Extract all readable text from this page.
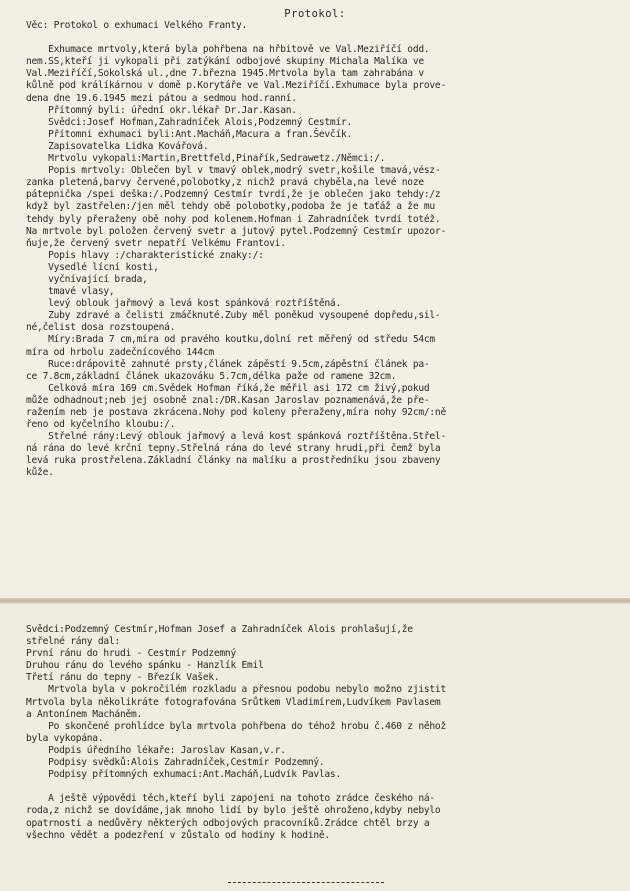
Protokol:
Věc: Protokol o exhumaci Velkého Franty.

Exhumace mrtvoly,která byla pohřbena na hřbitově ve Val.Meziříčí odd.
nem.SS,kteří ji vykopali při zatýkání odbojové skupiny Michala Malíka ve
Val.Meziříčí,Sokolská ul.,dne 7.března 1945.Mrtvola byla tam zahrabána v
kůlně pod králíkárnou v domě p.Korytáře ve Val.Meziříčí.Exhumace byla prove-
dena dne 19.6.1945 mezi pátou a sedmou hod.ranní.
Přítomný byli: úřední okr.lékař Dr.Jar.Kasan.
Svědci:Josef Hofman,Zahradníček Alois,Podzemný Cestmír.
Přítomni exhumaci byli:Ant.Macháň,Macura a fran.Ševčík.
Zapisovatelka Lidka Kovářová.
Mrtvolu vykopali:Martin,Brettfeld,Pinařík,Sedrawetz./Němci:/.
Popis mrtvoly: Oblečen byl v tmavý oblek,modrý svetr,košile tmavá,vész-
zanka pletená,barvy červené,polobotky,z nichž pravá chyběla,na levé noze
pátepnička /spei deška:/.Podzemný Cestmír tvrdí,že je oblečen jako tehdy:/z
když byl zastřelen:/jen měl tehdy obě polobotky,podoba že je taťáž a že mu
tehdy byly přeraženy obě nohy pod kolenem.Hofman i Zahradníček tvrdí totéž.
Na mrtvole byl položen červený svetr a jutový pytel.Podzemný Cestmír upozor-
ňuje,že červený svetr nepatří Velkému Frantovi.
Popis hlavy :/charakteristické znaky:/:
Vysedlé lícní kosti,
vyčnívající brada,
tmavé vlasy,
levý oblouk jařmový a levá kost spánková roztříštěná.
Zuby zdravé a čelisti zmáčknuté.Zuby měl poněkud vysoupené dopředu,sil-
né,čelist dosa rozstoupená.
Míry:Brada 7 cm,míra od pravého koutku,dolní ret měřený od středu 54cm
míra od hrbolu zadečnícového 144cm
Ruce:drápovitě zahnuté prsty,článek zápěstí 9.5cm,zápěstní článek pa-
ce 7.8cm,základní článek ukazováku 5.7cm,délka paže od ramene 32cm.
Celková míra 169 cm.Svědek Hofman říká,že měřil asi 172 cm živý,pokud
může odhadnout;neb jej osobně znal:/DR.Kasan Jaroslav poznamenává,že pře-
ražením neb je postava zkrácena.Nohy pod koleny přeraženy,míra nohy 92cm/:ně
řeno od kyčelního kloubu:/.
Střelné rány:Levý oblouk jařmový a levá kost spánková roztříštěna.Střel-
ná rána do levé krční tepny.Střelná rána do levé strany hrudi,při čemž byla
levá ruka prostřelena.Základní články na malíku a prostředníku jsou zbaveny
kůže.
Svědci:Podzemný Cestmír,Hofman Josef a Zahradníček Alois prohlašují,že
střelné rány dal:
První ránu do hrudi - Cestmír Podzemný
Druhou ránu do levého spánku - Hanzlík Emil
Třetí ránu do tepny - Březík Vašek.
Mrtvola byla v pokročilém rozkladu a přesnou podobu nebylo možno zjistit
Mrtvola byla několikráte fotografována Srůtkem Vladimírem,Ludvíkem Pavlasem
a Antonínem Macháněm.
Po skončené prohlídce byla mrtvola pohřbena do téhož hrobu č.460 z něhož
byla vykopána.
Podpis úředního lékaře: Jaroslav Kasan,v.r.
Podpisy svědků:Alois Zahradníček,Cestmír Podzemný.
Podpisy přítomných exhumaci:Ant.Macháň,Ludvík Pavlas.

A ještě výpovědi těch,kteří byli zapojeni na tohoto zrádce českého ná-
roda,z nichž se dovídáme,jak mnoho lidí by bylo ještě ohroženo,kdyby nebylo
opatrnosti a nedůvěry některých odbojových pracovníků.Zrádce chtěl brzy a
všechno vědět a podezření v zůstalo od hodiny k hodině.
